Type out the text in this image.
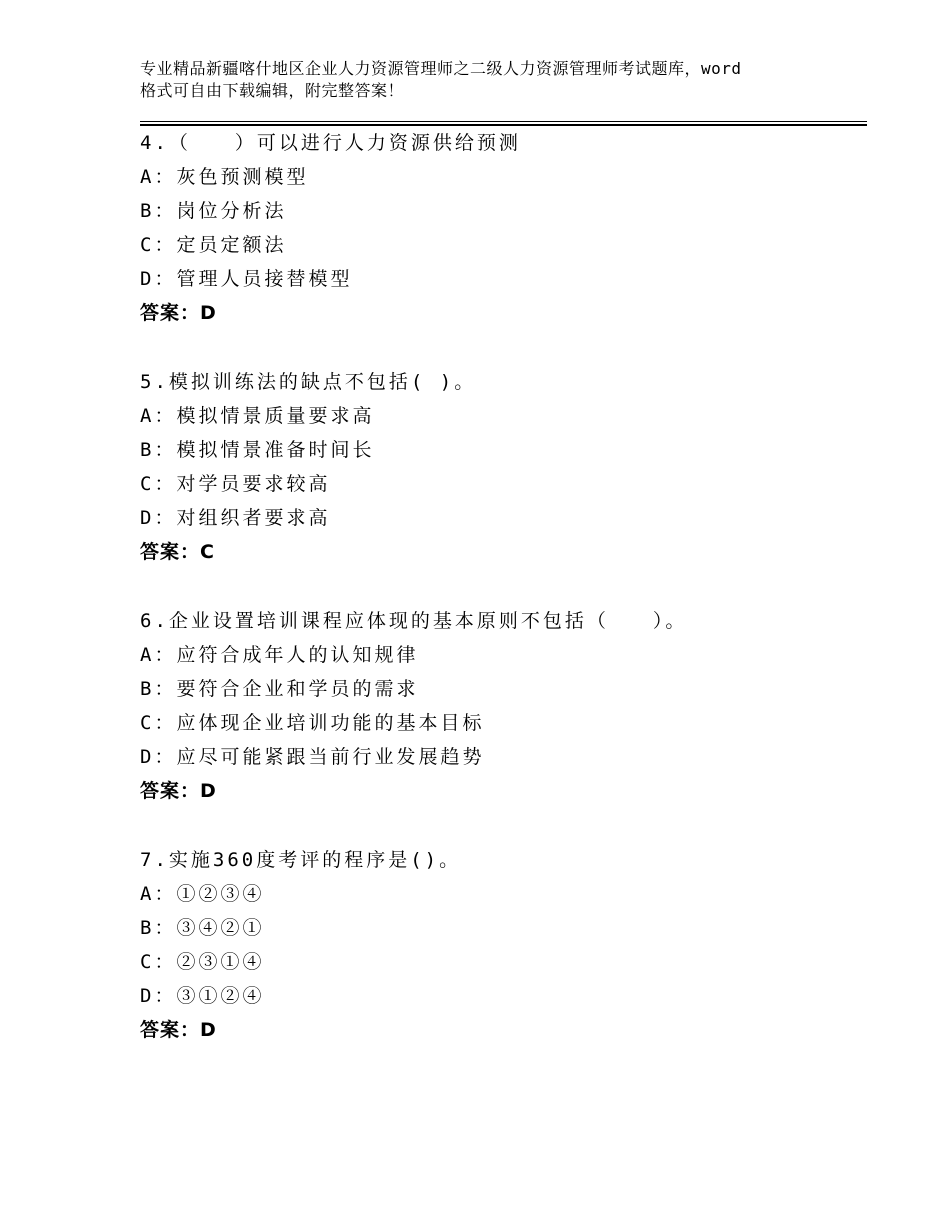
专业精品新疆喀什地区企业人力资源管理师之二级人力资源管理师考试题库，word
格式可自由下载编辑，附完整答案！
4.（　　）可以进行人力资源供给预测
A：灰色预测模型
B：岗位分析法
C：定员定额法
D：管理人员接替模型
答案：D
5.模拟训练法的缺点不包括( )。
A：模拟情景质量要求高
B：模拟情景准备时间长
C：对学员要求较高
D：对组织者要求高
答案：C
6.企业设置培训课程应体现的基本原则不包括（　　）。
A：应符合成年人的认知规律
B：要符合企业和学员的需求
C：应体现企业培训功能的基本目标
D：应尽可能紧跟当前行业发展趋势
答案：D
7.实施360度考评的程序是()。
A：①②③④
B：③④②①
C：②③①④
D：③①②④
答案：D
